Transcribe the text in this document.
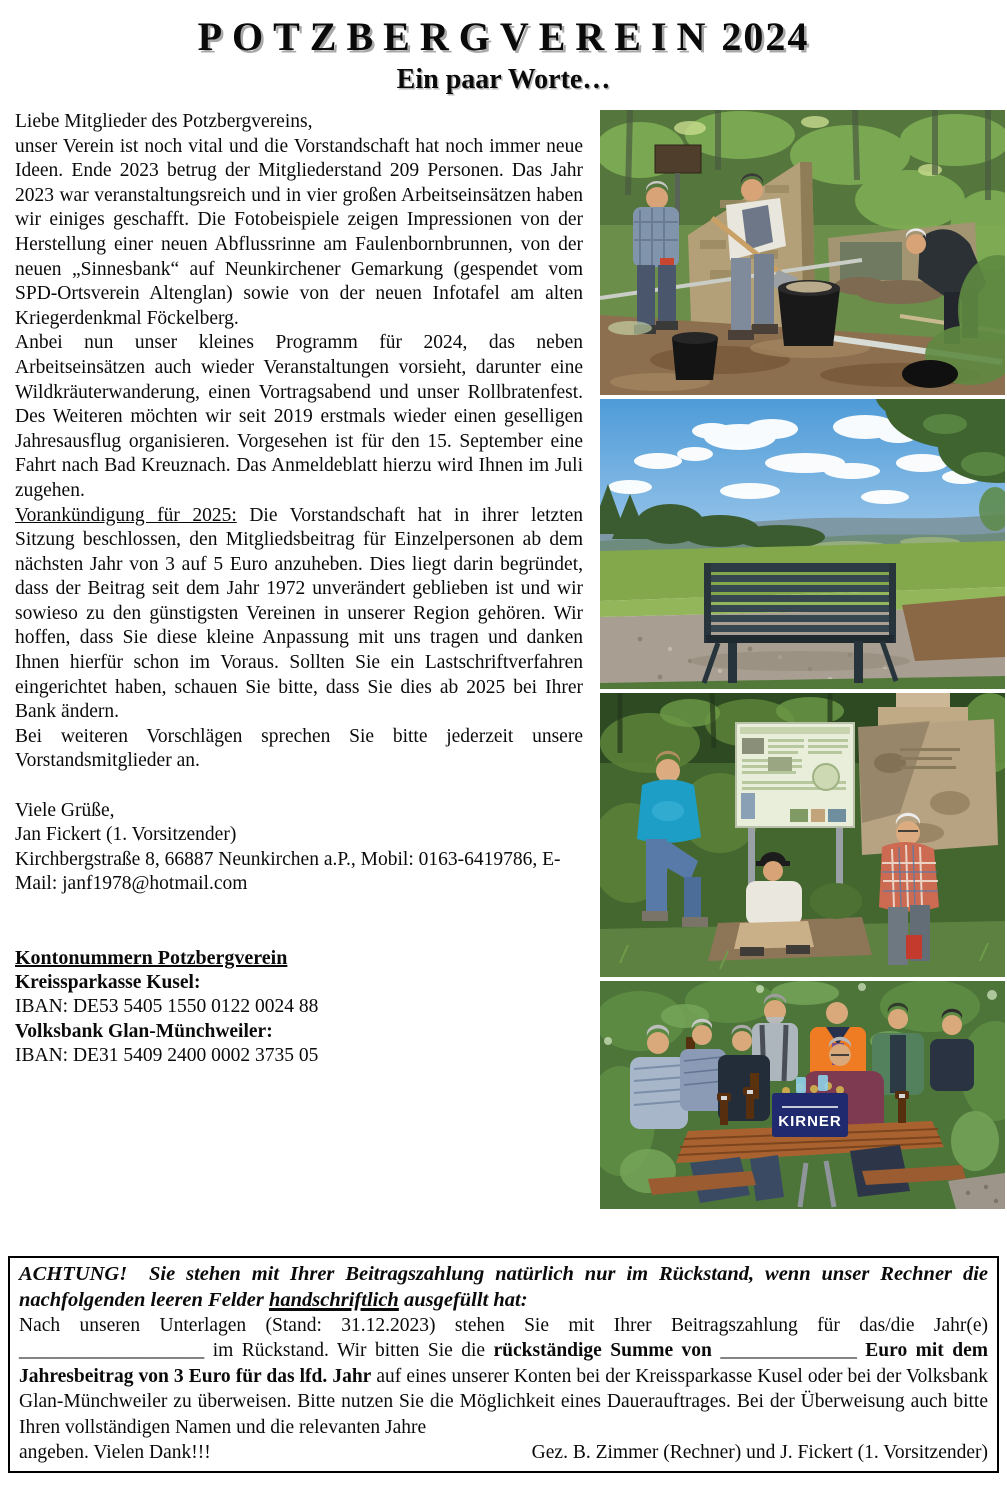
POTZBERGVEREIN 2024
Ein paar Worte…

Liebe Mitglieder des Potzbergvereins,

unser Verein ist noch vital und die Vorstandschaft hat noch immer neue Ideen. Ende 2023 betrug der Mitgliederstand 209 Personen. Das Jahr 2023 war veranstaltungsreich und in vier großen Arbeitseinsätzen haben wir einiges geschafft. Die Fotobeispiele zeigen Impressionen von der Herstellung einer neuen Abflussrinne am Faulenbornbrunnen, von der neuen „Sinnesbank“ auf Neunkirchener Gemarkung (gespendet vom SPD-Ortsverein Altenglan) sowie von der neuen Infotafel am alten Kriegerdenkmal Föckelberg.

Anbei nun unser kleines Programm für 2024, das neben Arbeitseinsätzen auch wieder Veranstaltungen vorsieht, darunter eine Wildkräuterwanderung, einen Vortragsabend und unser Rollbratenfest. Des Weiteren möchten wir seit 2019 erstmals wieder einen geselligen Jahresausflug organisieren. Vorgesehen ist für den 15. September eine Fahrt nach Bad Kreuznach. Das Anmeldeblatt hierzu wird Ihnen im Juli zugehen.

Vorankündigung für 2025: Die Vorstandschaft hat in ihrer letzten Sitzung beschlossen, den Mitgliedsbeitrag für Einzelpersonen ab dem nächsten Jahr von 3 auf 5 Euro anzuheben. Dies liegt darin begründet, dass der Beitrag seit dem Jahr 1972 unverändert geblieben ist und wir sowieso zu den günstigsten Vereinen in unserer Region gehören. Wir hoffen, dass Sie diese kleine Anpassung mit uns tragen und danken Ihnen hierfür schon im Voraus. Sollten Sie ein Lastschriftverfahren eingerichtet haben, schauen Sie bitte, dass Sie dies ab 2025 bei Ihrer Bank ändern.

Bei weiteren Vorschlägen sprechen Sie bitte jederzeit unsere Vorstandsmitglieder an.

Viele Grüße,

Jan Fickert (1. Vorsitzender)

Kirchbergstraße 8, 66887 Neunkirchen a.P., Mobil: 0163-6419786, E-Mail: janf1978@hotmail.com

Kontonummern Potzbergverein

Kreissparkasse Kusel:

IBAN: DE53 5405 1550 0122 0024 88

Volksbank Glan-Münchweiler:

IBAN: DE31 5409 2400 0002 3735 05

KIRNER

ACHTUNG!  Sie stehen mit Ihrer Beitragszahlung natürlich nur im Rückstand, wenn unser Rechner die nachfolgenden leeren Felder handschriftlich ausgefüllt hat:

Nach unseren Unterlagen (Stand: 31.12.2023) stehen Sie mit Ihrer Beitragszahlung für das/die Jahr(e) ___________________ im Rückstand. Wir bitten Sie die rückständige Summe von ______________ Euro mit dem Jahresbeitrag von 3 Euro für das lfd. Jahr auf eines unserer Konten bei der Kreissparkasse Kusel oder bei der Volksbank Glan-Münchweiler zu überweisen. Bitte nutzen Sie die Möglichkeit eines Dauerauftrages. Bei der Überweisung auch bitte Ihren vollständigen Namen und die relevanten Jahre

angeben. Vielen Dank!!!	Gez. B. Zimmer (Rechner) und J. Fickert (1. Vorsitzender)
